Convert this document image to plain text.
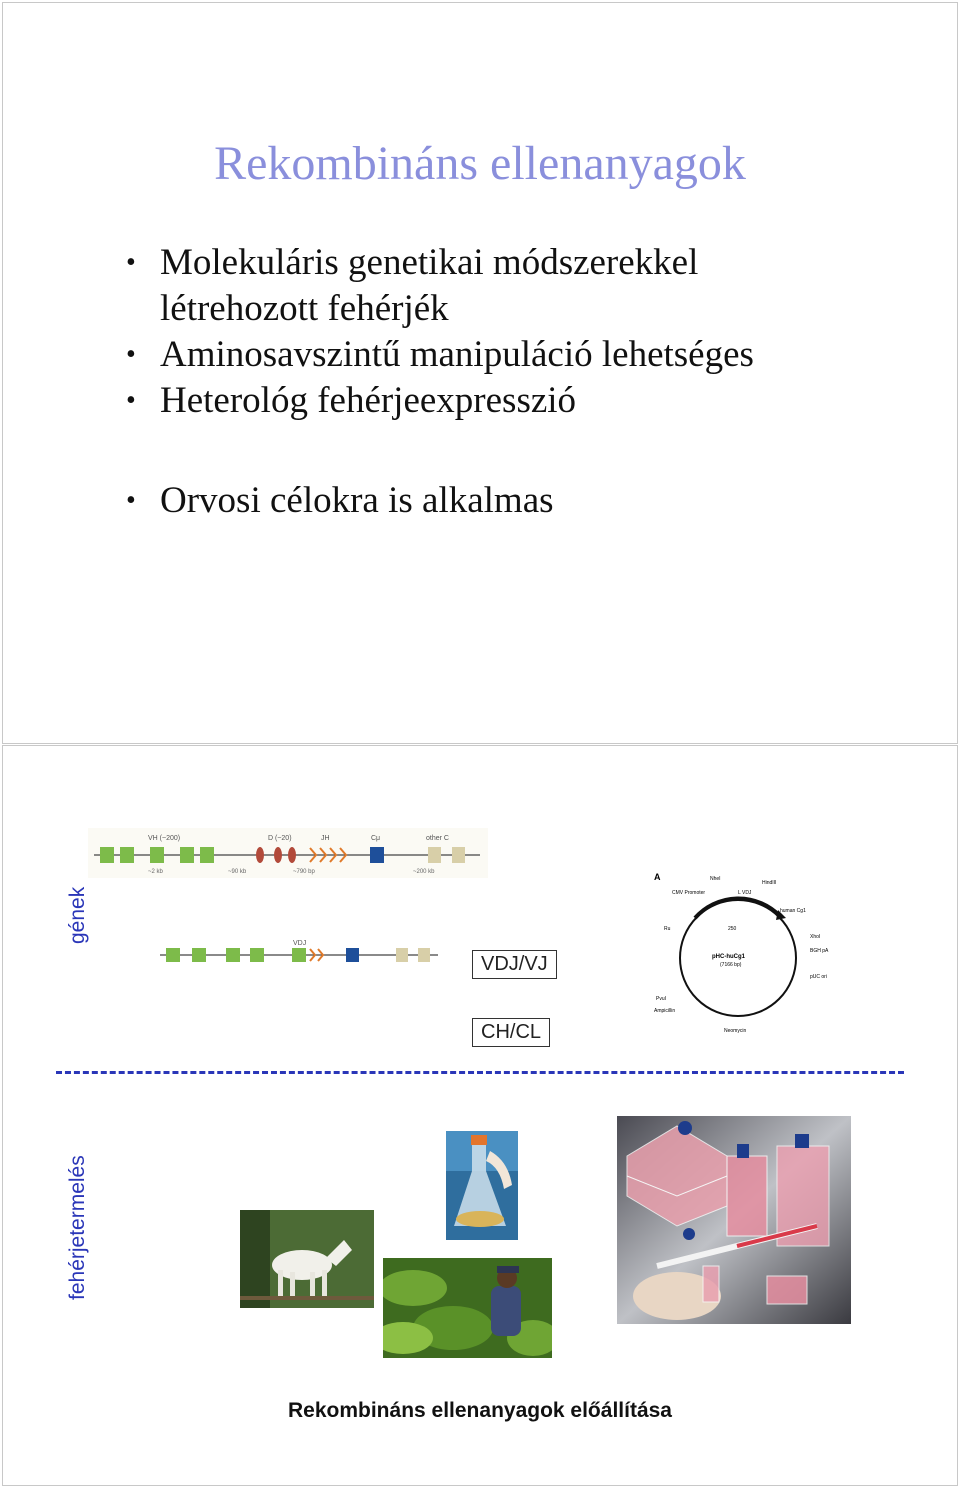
Rekombináns ellenanyagok
• Molekuláris genetikai módszerekkel létrehozott fehérjék
• Aminosavszintű manipuláció lehetséges
• Heterológ fehérjeexpresszió
• Orvosi célokra is alkalmas
VH (~200)	D (~20)	JH	Cμ	other C
~2 kb	~90 kb	~790 bp	~200 kb
VDJ
gének
fehérjetermelés
VDJ/VJ
CH/CL
A	NheI
HindIII
CMV Promoter	L VDJ
human Cg1
XhoI
BGH pA
pUC ori
Neomycin
Ampicillin
PvuI
Ru	250
pHC-huCg1
(7166 bp)
Rekombináns ellenanyagok előállítása
